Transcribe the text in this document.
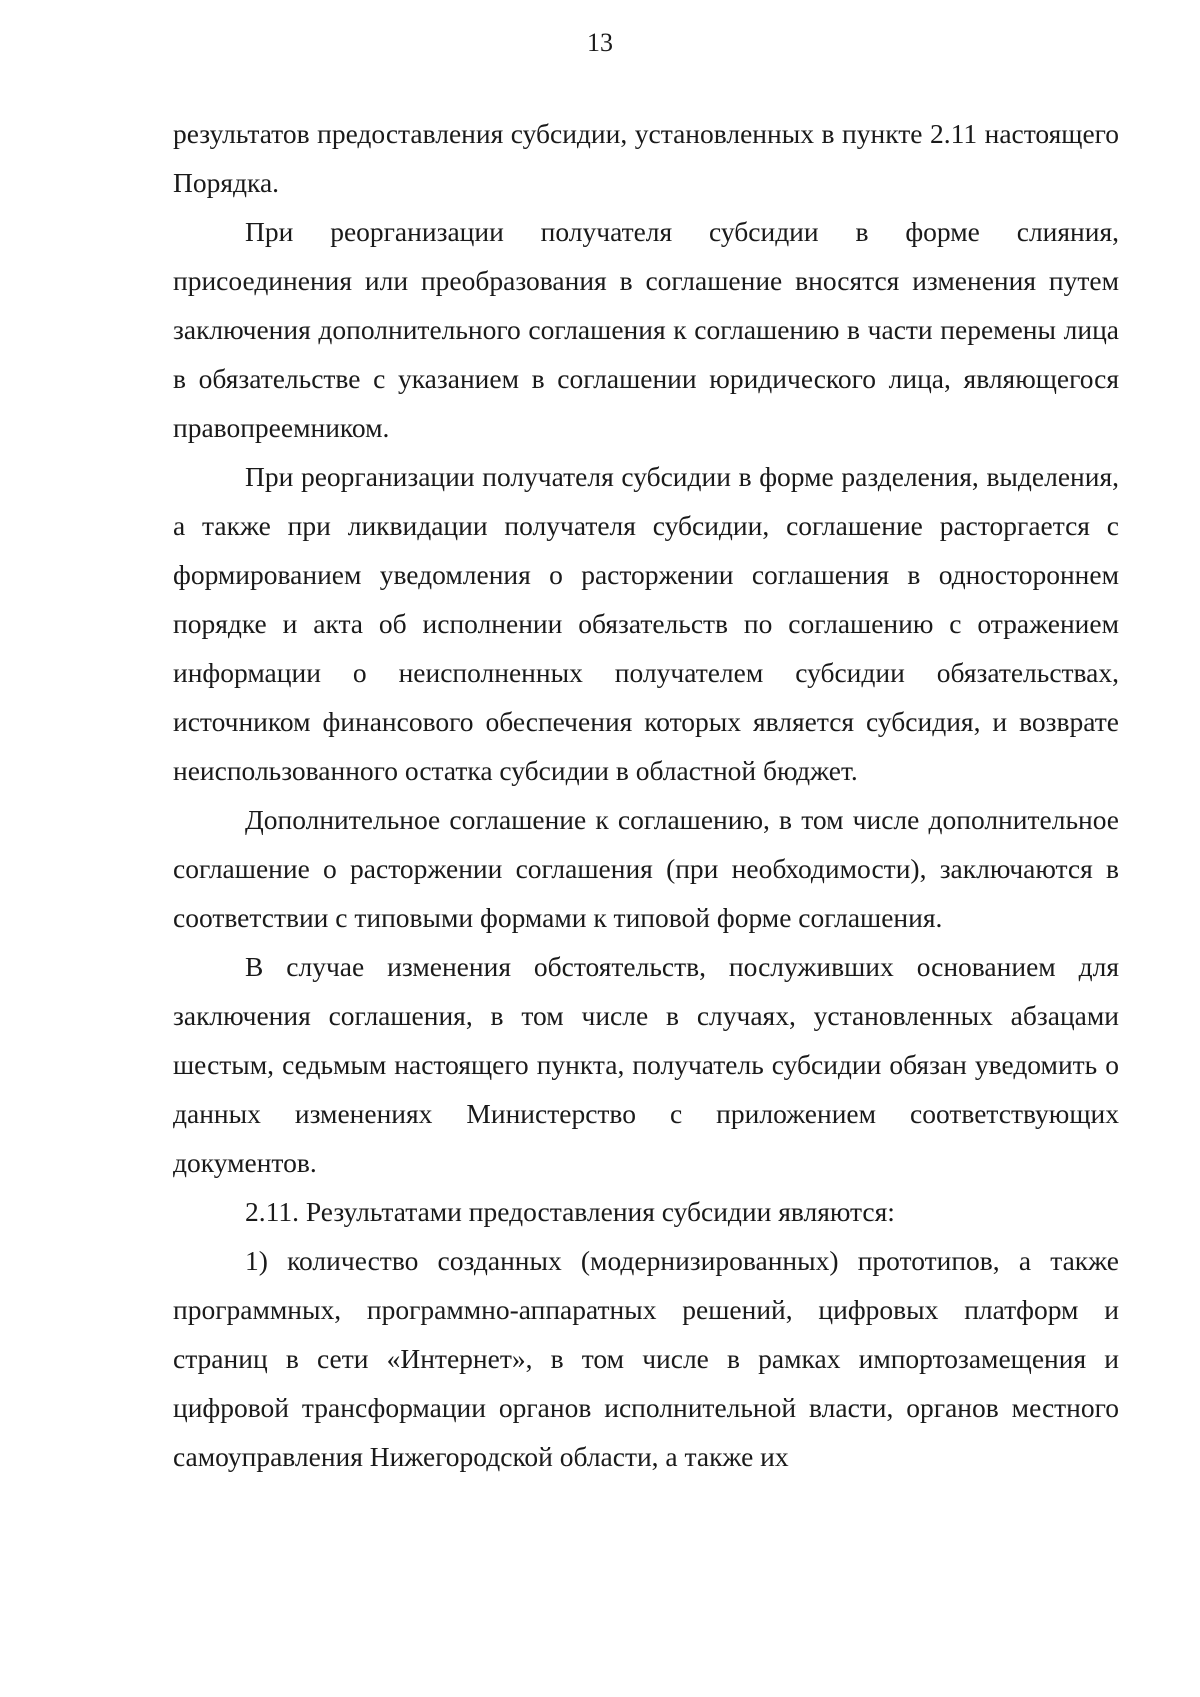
13

результатов предоставления субсидии, установленных в пункте 2.11 настоящего Порядка.

При реорганизации получателя субсидии в форме слияния, присоединения или преобразования в соглашение вносятся изменения путем заключения дополнительного соглашения к соглашению в части перемены лица в обязательстве с указанием в соглашении юридического лица, являющегося правопреемником.

При реорганизации получателя субсидии в форме разделения, выделения, а также при ликвидации получателя субсидии, соглашение расторгается с формированием уведомления о расторжении соглашения в одностороннем порядке и акта об исполнении обязательств по соглашению с отражением информации о неисполненных получателем субсидии обязательствах, источником финансового обеспечения которых является субсидия, и возврате неиспользованного остатка субсидии в областной бюджет.

Дополнительное соглашение к соглашению, в том числе дополнительное соглашение о расторжении соглашения (при необходимости), заключаются в соответствии с типовыми формами к типовой форме соглашения.

В случае изменения обстоятельств, послуживших основанием для заключения соглашения, в том числе в случаях, установленных абзацами шестым, седьмым настоящего пункта, получатель субсидии обязан уведомить о данных изменениях Министерство с приложением соответствующих документов.

2.11. Результатами предоставления субсидии являются:

1) количество созданных (модернизированных) прототипов, а также программных, программно-аппаратных решений, цифровых платформ и страниц в сети «Интернет», в том числе в рамках импортозамещения и цифровой трансформации органов исполнительной власти, органов местного самоуправления Нижегородской области, а также их
